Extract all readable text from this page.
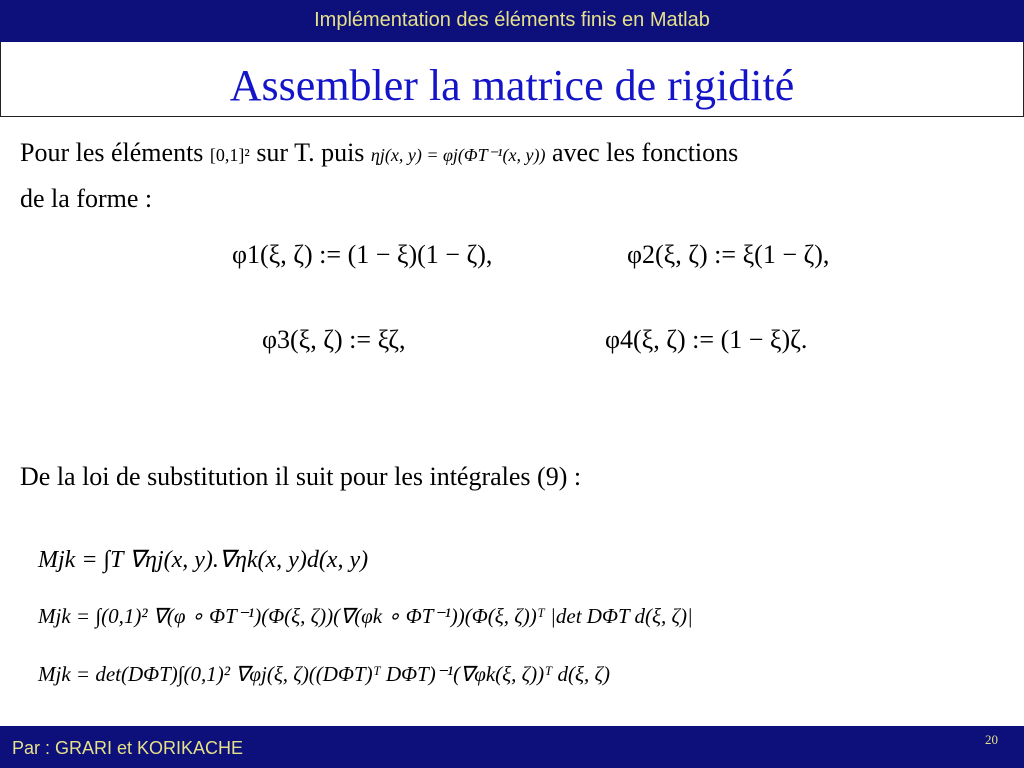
Implémentation des éléments finis en Matlab
Assembler la matrice de rigidité
Pour les éléments [0,1]² sur T. puis ηj(x, y) = φj(ΦT⁻¹(x, y)) avec les fonctions
de la forme :
φ1(ξ, ζ) := (1 − ξ)(1 − ζ),	φ2(ξ, ζ) := ξ(1 − ζ),
φ3(ξ, ζ) := ξζ,	φ4(ξ, ζ) := (1 − ξ)ζ.
De la loi de substitution il suit pour les intégrales (9) :
Mjk = ∫T ∇ηj(x, y).∇ηk(x, y)d(x, y)
Mjk = ∫(0,1)² ∇(φ ∘ ΦT⁻¹)(Φ(ξ, ζ))(∇(φk ∘ ΦT⁻¹))(Φ(ξ, ζ))ᵀ |det DΦT d(ξ, ζ)|
Mjk = det(DΦT)∫(0,1)² ∇φj(ξ, ζ)((DΦT)ᵀ DΦT)⁻¹(∇φk(ξ, ζ))ᵀ d(ξ, ζ)
Par : GRARI et KORIKACHE	20
